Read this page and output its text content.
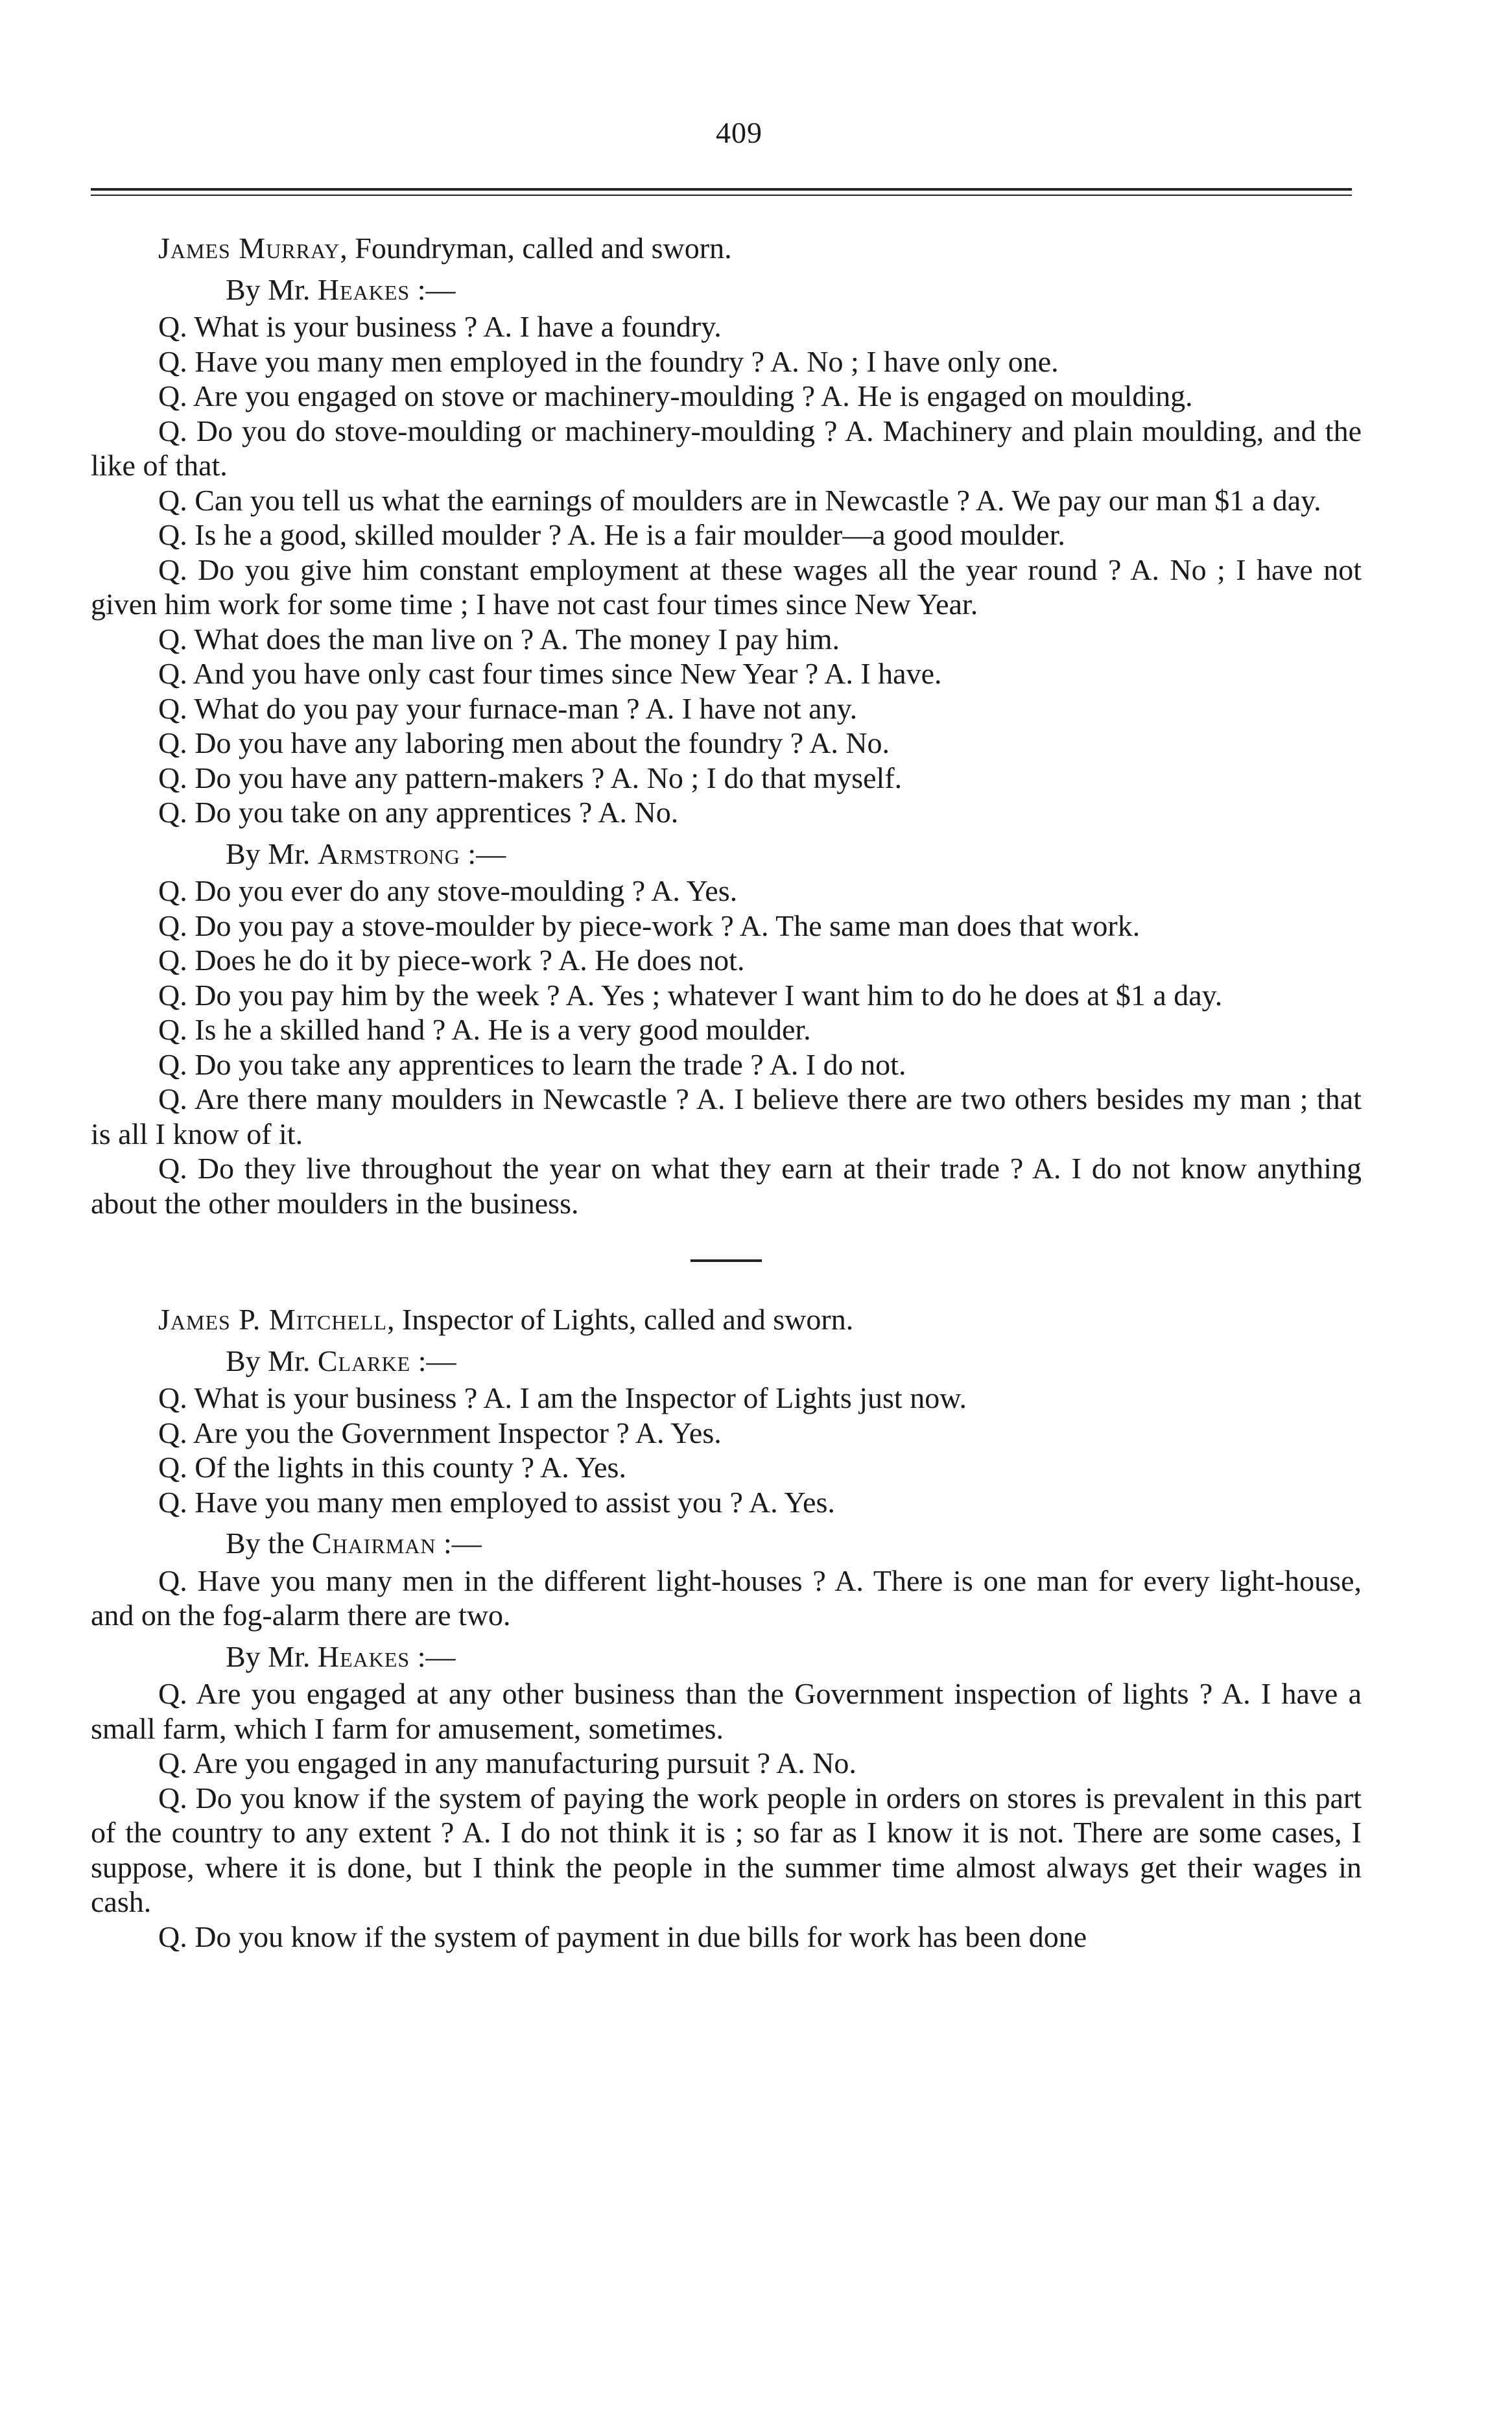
409

James Murray, Foundryman, called and sworn.

By Mr. Heakes :—

Q. What is your business ? A. I have a foundry.

Q. Have you many men employed in the foundry ? A. No ; I have only one.

Q. Are you engaged on stove or machinery-moulding ? A. He is engaged on moulding.

Q. Do you do stove-moulding or machinery-moulding ? A. Machinery and plain moulding, and the like of that.

Q. Can you tell us what the earnings of moulders are in Newcastle ? A. We pay our man $1 a day.

Q. Is he a good, skilled moulder ? A. He is a fair moulder—a good moulder.

Q. Do you give him constant employment at these wages all the year round ? A. No ; I have not given him work for some time ; I have not cast four times since New Year.

Q. What does the man live on ? A. The money I pay him.

Q. And you have only cast four times since New Year ? A. I have.

Q. What do you pay your furnace-man ? A. I have not any.

Q. Do you have any laboring men about the foundry ? A. No.

Q. Do you have any pattern-makers ? A. No ; I do that myself.

Q. Do you take on any apprentices ? A. No.

By Mr. Armstrong :—

Q. Do you ever do any stove-moulding ? A. Yes.

Q. Do you pay a stove-moulder by piece-work ? A. The same man does that work.

Q. Does he do it by piece-work ? A. He does not.

Q. Do you pay him by the week ? A. Yes ; whatever I want him to do he does at $1 a day.

Q. Is he a skilled hand ? A. He is a very good moulder.

Q. Do you take any apprentices to learn the trade ? A. I do not.

Q. Are there many moulders in Newcastle ? A. I believe there are two others besides my man ; that is all I know of it.

Q. Do they live throughout the year on what they earn at their trade ? A. I do not know anything about the other moulders in the business.

James P. Mitchell, Inspector of Lights, called and sworn.

By Mr. Clarke :—

Q. What is your business ? A. I am the Inspector of Lights just now.

Q. Are you the Government Inspector ? A. Yes.

Q. Of the lights in this county ? A. Yes.

Q. Have you many men employed to assist you ? A. Yes.

By the Chairman :—

Q. Have you many men in the different light-houses ? A. There is one man for every light-house, and on the fog-alarm there are two.

By Mr. Heakes :—

Q. Are you engaged at any other business than the Government inspection of lights ? A. I have a small farm, which I farm for amusement, sometimes.

Q. Are you engaged in any manufacturing pursuit ? A. No.

Q. Do you know if the system of paying the work people in orders on stores is prevalent in this part of the country to any extent ? A. I do not think it is ; so far as I know it is not. There are some cases, I suppose, where it is done, but I think the people in the summer time almost always get their wages in cash.

Q. Do you know if the system of payment in due bills for work has been done
